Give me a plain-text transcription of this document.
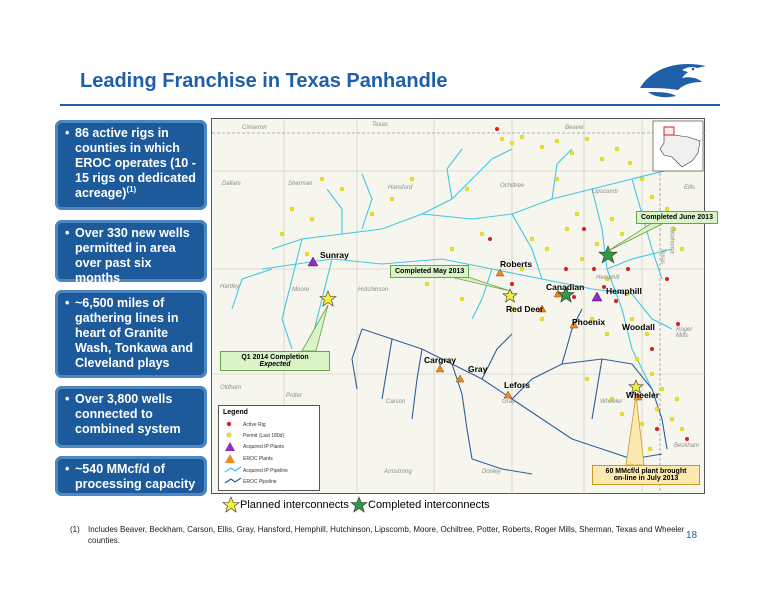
Leading Franchise in Texas Panhandle
• 86 active rigs in counties in which EROC operates (10 - 15 rigs on dedicated acreage)$^{(1)}$
• Over 330 new wells permitted in area over past six months
• ~6,500 miles of gathering lines in heart of Granite Wash, Tonkawa and Cleveland plays
• Over 3,800 wells connected to combined system
• ~540 MMcf/d of processing capacity
Cimarron	Texas	Beaver
Dallam	Sherman
Hansford	Ochiltree
Lipscomb
Ellis
Hartley	Moore	Hutchinson
Hemphill
Oldham
Potter
Carson	Gray	Wheeler
Armstrong	Donley
Beckham
Roger Mills
Texas
Oklahoma
Sunray
Roberts
Canadian	Hemphill
Red Deer
Phoenix Woodall
Cargray
Gray
Lefors
Wheeler
Completed June 2013
Completed May 2013
Q1 2014 Completion
Expected
60 MMcf/d plant brought
on-line in July 2013
Legend
Active Rig
Permit (Last 180d)
Acquired IP Plants
EROC Plants
Acquired IP Pipeline
EROC Pipeline
Planned interconnects Completed interconnects
(1) Includes Beaver, Beckham, Carson, Ellis, Gray, Hansford, Hemphill, Hutchinson, Lipscomb, Moore, Ochiltree, Potter, Roberts, Roger Mills, Sherman, Texas and Wheeler counties.	18
